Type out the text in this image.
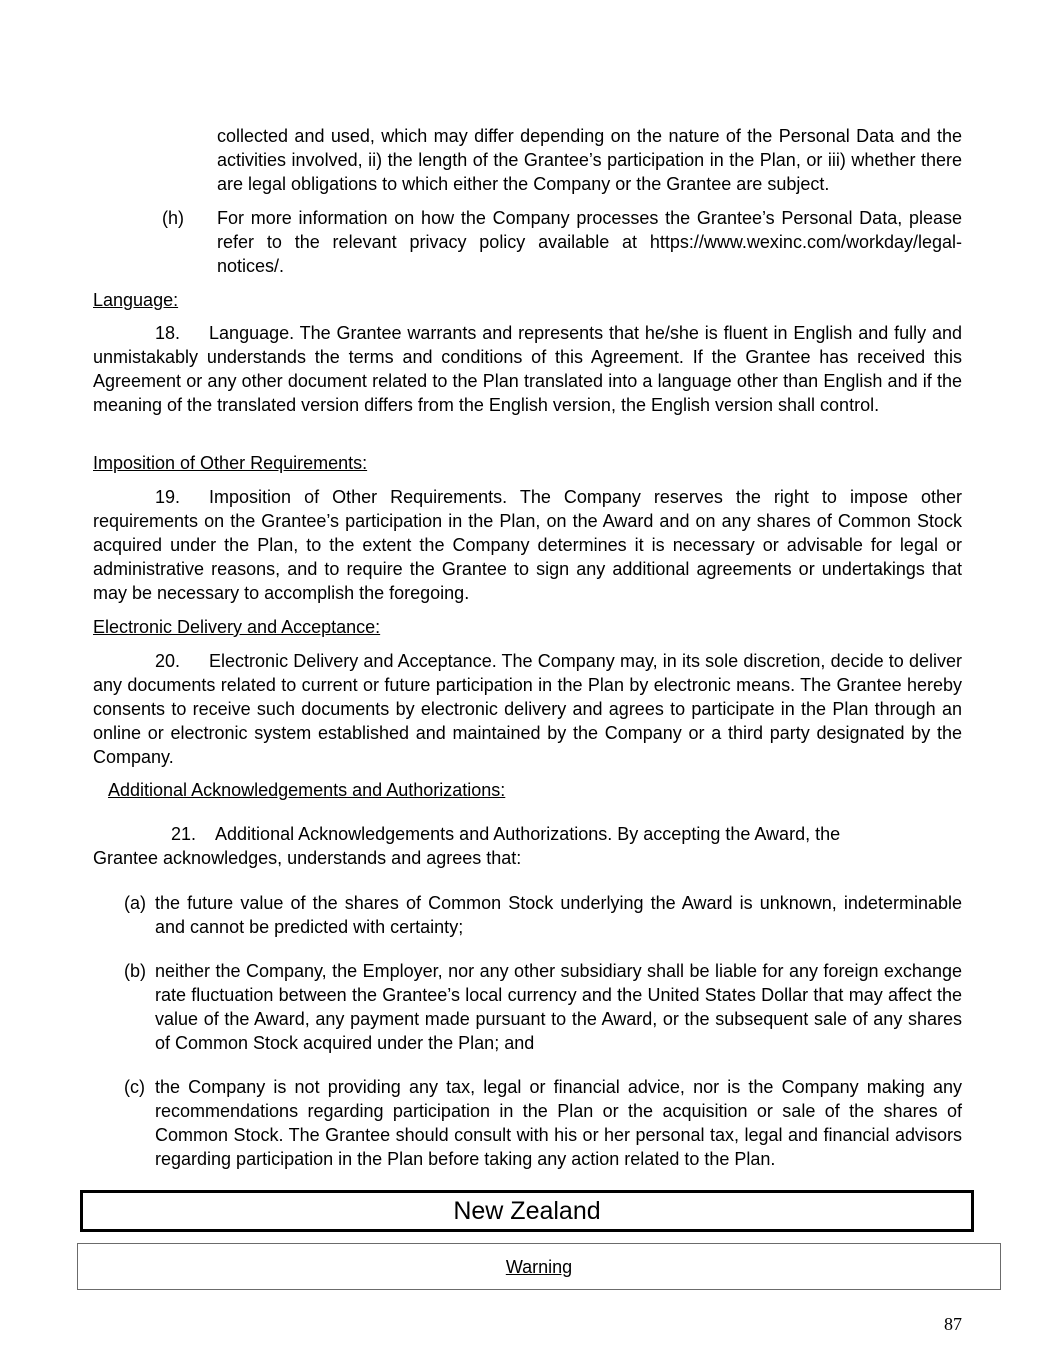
collected and used, which may differ depending on the nature of the Personal Data and the activities involved, ii) the length of the Grantee’s participation in the Plan, or iii) whether there are legal obligations to which either the Company or the Grantee are subject.

(h) For more information on how the Company processes the Grantee’s Personal Data, please refer to the relevant privacy policy available at https://www.wexinc.com/workday/legal-notices/.

Language:

18. Language. The Grantee warrants and represents that he/she is fluent in English and fully and unmistakably understands the terms and conditions of this Agreement. If the Grantee has received this Agreement or any other document related to the Plan translated into a language other than English and if the meaning of the translated version differs from the English version, the English version shall control.

Imposition of Other Requirements:

19. Imposition of Other Requirements. The Company reserves the right to impose other requirements on the Grantee’s participation in the Plan, on the Award and on any shares of Common Stock acquired under the Plan, to the extent the Company determines it is necessary or advisable for legal or administrative reasons, and to require the Grantee to sign any additional agreements or undertakings that may be necessary to accomplish the foregoing.

Electronic Delivery and Acceptance:

20. Electronic Delivery and Acceptance. The Company may, in its sole discretion, decide to deliver any documents related to current or future participation in the Plan by electronic means. The Grantee hereby consents to receive such documents by electronic delivery and agrees to participate in the Plan through an online or electronic system established and maintained by the Company or a third party designated by the Company.

Additional Acknowledgements and Authorizations:

21. Additional Acknowledgements and Authorizations. By accepting the Award, the

Grantee acknowledges, understands and agrees that:

(a) the future value of the shares of Common Stock underlying the Award is unknown, indeterminable and cannot be predicted with certainty;

(b) neither the Company, the Employer, nor any other subsidiary shall be liable for any foreign exchange rate fluctuation between the Grantee’s local currency and the United States Dollar that may affect the value of the Award, any payment made pursuant to the Award, or the subsequent sale of any shares of Common Stock acquired under the Plan; and

(c) the Company is not providing any tax, legal or financial advice, nor is the Company making any recommendations regarding participation in the Plan or the acquisition or sale of the shares of Common Stock. The Grantee should consult with his or her personal tax, legal and financial advisors regarding participation in the Plan before taking any action related to the Plan.

New Zealand
Warning
87
